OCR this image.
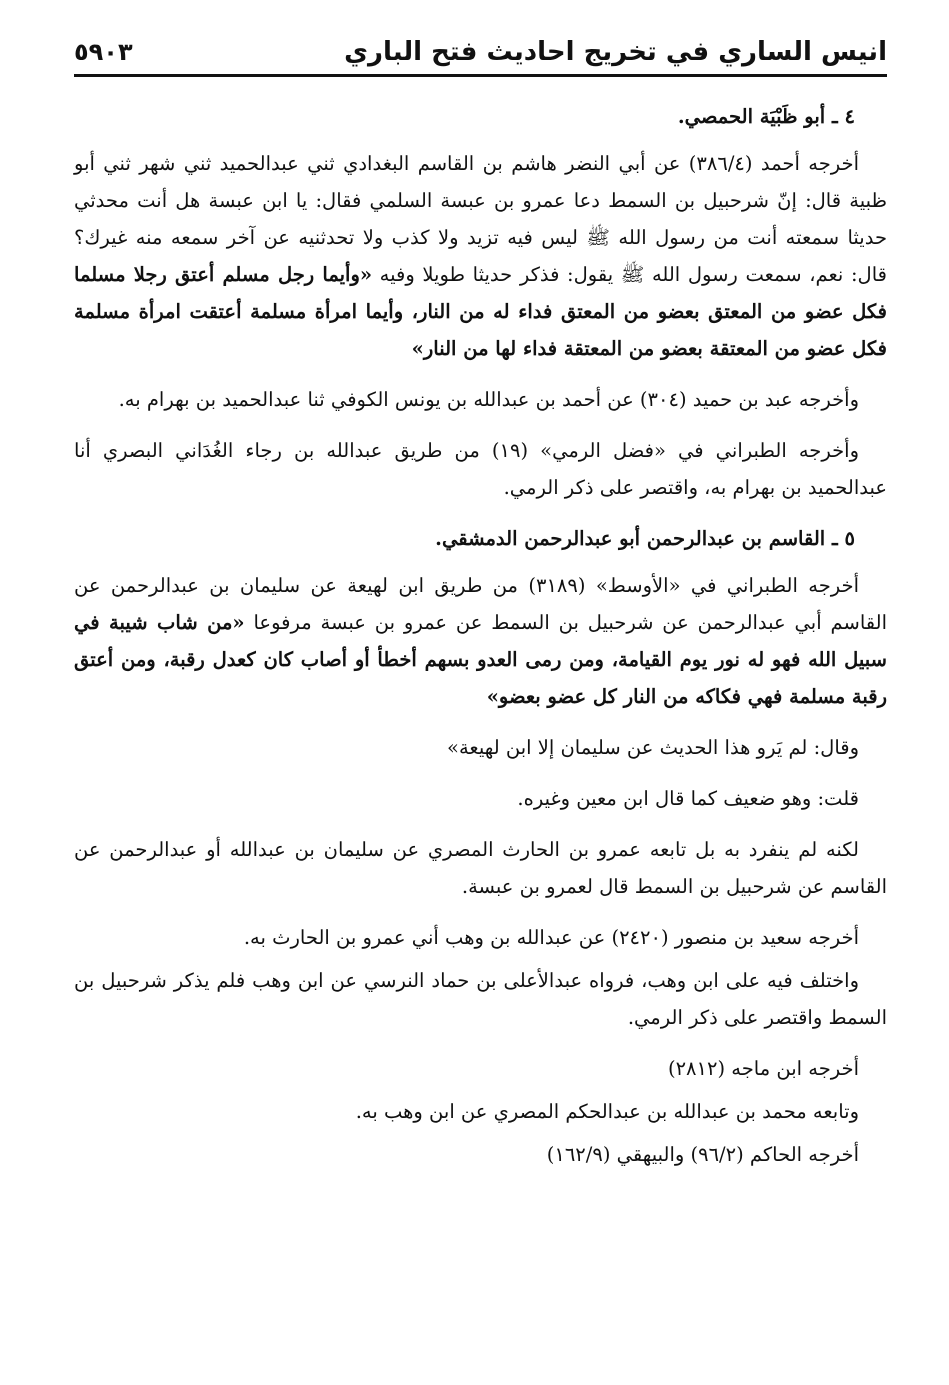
انيس الساري في تخريج احاديث فتح الباري
٥٩٠٣
٤ ـ أبو ظَبْيَة الحمصي.

أخرجه أحمد (٣٨٦/٤) عن أبي النضر هاشم بن القاسم البغدادي ثني عبدالحميد ثني شهر ثني أبو ظبية قال: إنّ شرحبيل بن السمط دعا عمرو بن عبسة السلمي فقال: يا ابن عبسة هل أنت محدثي حديثا سمعته أنت من رسول الله ﷺ ليس فيه تزيد ولا كذب ولا تحدثنيه عن آخر سمعه منه غيرك؟ قال: نعم، سمعت رسول الله ﷺ يقول: فذكر حديثا طويلا وفيه «وأيما رجل مسلم أعتق رجلا مسلما فكل عضو من المعتق بعضو من المعتق فداء له من النار، وأيما امرأة مسلمة أعتقت امرأة مسلمة فكل عضو من المعتقة بعضو من المعتقة فداء لها من النار»

وأخرجه عبد بن حميد (٣٠٤) عن أحمد بن عبدالله بن يونس الكوفي ثنا عبدالحميد بن بهرام به.

وأخرجه الطبراني في «فضل الرمي» (١٩) من طريق عبدالله بن رجاء الغُدَاني البصري أنا عبدالحميد بن بهرام به، واقتصر على ذكر الرمي.

٥ ـ القاسم بن عبدالرحمن أبو عبدالرحمن الدمشقي.

أخرجه الطبراني في «الأوسط» (٣١٨٩) من طريق ابن لهيعة عن سليمان بن عبدالرحمن عن القاسم أبي عبدالرحمن عن شرحبيل بن السمط عن عمرو بن عبسة مرفوعا «من شاب شيبة في سبيل الله فهو له نور يوم القيامة، ومن رمى العدو بسهم أخطأ أو أصاب كان كعدل رقبة، ومن أعتق رقبة مسلمة فهي فكاكه من النار كل عضو بعضو»

وقال: لم يَرو هذا الحديث عن سليمان إلا ابن لهيعة»

قلت: وهو ضعيف كما قال ابن معين وغيره.

لكنه لم ينفرد به بل تابعه عمرو بن الحارث المصري عن سليمان بن عبدالله أو عبدالرحمن عن القاسم عن شرحبيل بن السمط قال لعمرو بن عبسة.

أخرجه سعيد بن منصور (٢٤٢٠) عن عبدالله بن وهب أني عمرو بن الحارث به.

واختلف فيه على ابن وهب، فرواه عبدالأعلى بن حماد النرسي عن ابن وهب فلم يذكر شرحبيل بن السمط واقتصر على ذكر الرمي.

أخرجه ابن ماجه (٢٨١٢)

وتابعه محمد بن عبدالله بن عبدالحكم المصري عن ابن وهب به.

أخرجه الحاكم (٩٦/٢) والبيهقي (١٦٢/٩)
